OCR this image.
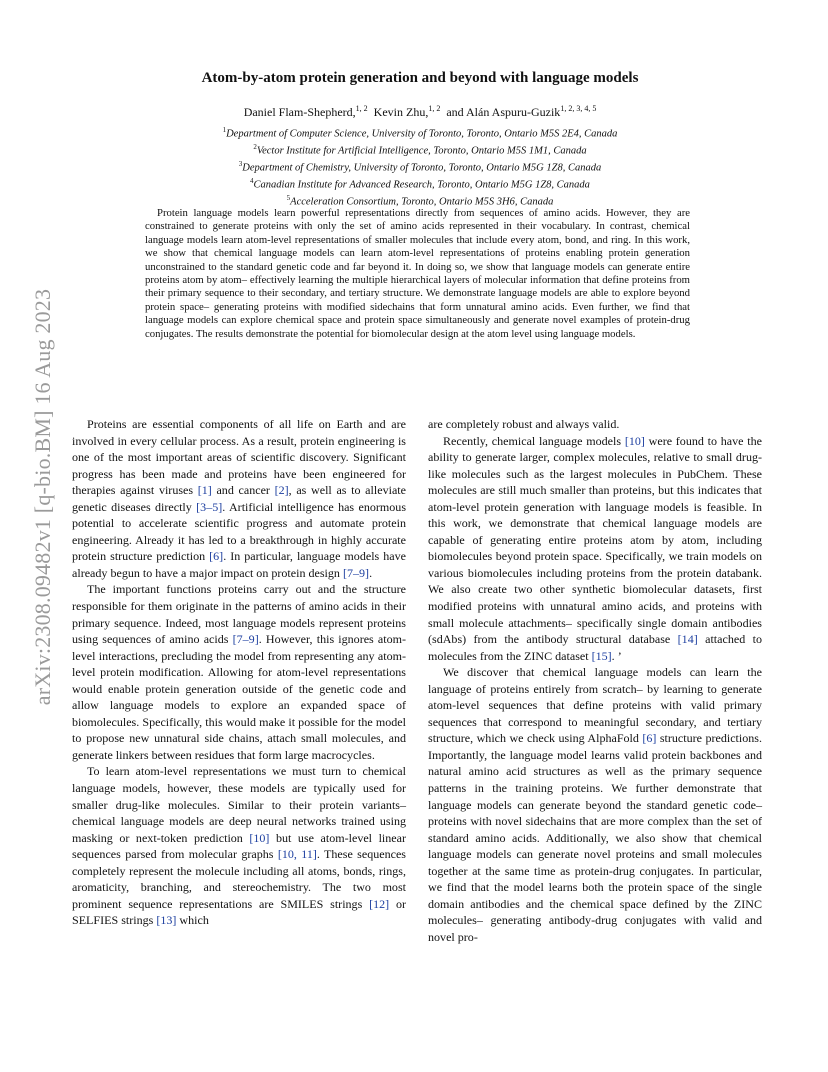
arXiv:2308.09482v1 [q-bio.BM] 16 Aug 2023
Atom-by-atom protein generation and beyond with language models
Daniel Flam-Shepherd,$^{1, 2}$ Kevin Zhu,$^{1, 2}$ and Alán Aspuru-Guzik$^{1, 2, 3, 4, 5}$
$^1$Department of Computer Science, University of Toronto, Toronto, Ontario M5S 2E4, Canada
$^2$Vector Institute for Artificial Intelligence, Toronto, Ontario M5S 1M1, Canada
$^3$Department of Chemistry, University of Toronto, Toronto, Ontario M5G 1Z8, Canada
$^4$Canadian Institute for Advanced Research, Toronto, Ontario M5G 1Z8, Canada
$^5$Acceleration Consortium, Toronto, Ontario M5S 3H6, Canada

Protein language models learn powerful representations directly from sequences of amino acids. However, they are constrained to generate proteins with only the set of amino acids represented in their vocabulary. In contrast, chemical language models learn atom-level representations of smaller molecules that include every atom, bond, and ring. In this work, we show that chemical language models can learn atom-level representations of proteins enabling protein generation unconstrained to the standard genetic code and far beyond it. In doing so, we show that language models can generate entire proteins atom by atom– effectively learning the multiple hierarchical layers of molecular information that define proteins from their primary sequence to their secondary, and tertiary structure. We demonstrate language models are able to explore beyond protein space– generating proteins with modified sidechains that form unnatural amino acids. Even further, we find that language models can explore chemical space and protein space simultaneously and generate novel examples of protein-drug conjugates. The results demonstrate the potential for biomolecular design at the atom level using language models.

Proteins are essential components of all life on Earth and are involved in every cellular process. As a result, protein engineering is one of the most important areas of scientific discovery. Significant progress has been made and proteins have been engineered for therapies against viruses [1] and cancer [2], as well as to alleviate genetic diseases directly [3–5]. Artificial intelligence has enormous potential to accelerate scientific progress and automate protein engineering. Already it has led to a breakthrough in highly accurate protein structure prediction [6]. In particular, language models have already begun to have a major impact on protein design [7–9].

The important functions proteins carry out and the structure responsible for them originate in the patterns of amino acids in their primary sequence. Indeed, most language models represent proteins using sequences of amino acids [7–9]. However, this ignores atom-level interactions, precluding the model from representing any atom-level protein modification. Allowing for atom-level representations would enable protein generation outside of the genetic code and allow language models to explore an expanded space of biomolecules. Specifically, this would make it possible for the model to propose new unnatural side chains, attach small molecules, and generate linkers between residues that form large macrocycles.

To learn atom-level representations we must turn to chemical language models, however, these models are typically used for smaller drug-like molecules. Similar to their protein variants– chemical language models are deep neural networks trained using masking or next-token prediction [10] but use atom-level linear sequences parsed from molecular graphs [10, 11]. These sequences completely represent the molecule including all atoms, bonds, rings, aromaticity, branching, and stereochemistry. The two most prominent sequence representations are SMILES strings [12] or SELFIES strings [13] which

are completely robust and always valid.

Recently, chemical language models [10] were found to have the ability to generate larger, complex molecules, relative to small drug-like molecules such as the largest molecules in PubChem. These molecules are still much smaller than proteins, but this indicates that atom-level protein generation with language models is feasible. In this work, we demonstrate that chemical language models are capable of generating entire proteins atom by atom, including biomolecules beyond protein space. Specifically, we train models on various biomolecules including proteins from the protein databank. We also create two other synthetic biomolecular datasets, first modified proteins with unnatural amino acids, and proteins with small molecule attachments– specifically single domain antibodies (sdAbs) from the antibody structural database [14] attached to molecules from the ZINC dataset [15]. ’

We discover that chemical language models can learn the language of proteins entirely from scratch– by learning to generate atom-level sequences that define proteins with valid primary sequences that correspond to meaningful secondary, and tertiary structure, which we check using AlphaFold [6] structure predictions. Importantly, the language model learns valid protein backbones and natural amino acid structures as well as the primary sequence patterns in the training proteins. We further demonstrate that language models can generate beyond the standard genetic code– proteins with novel sidechains that are more complex than the set of standard amino acids. Additionally, we also show that chemical language models can generate novel proteins and small molecules together at the same time as protein-drug conjugates. In particular, we find that the model learns both the protein space of the single domain antibodies and the chemical space defined by the ZINC molecules– generating antibody-drug conjugates with valid and novel pro-
